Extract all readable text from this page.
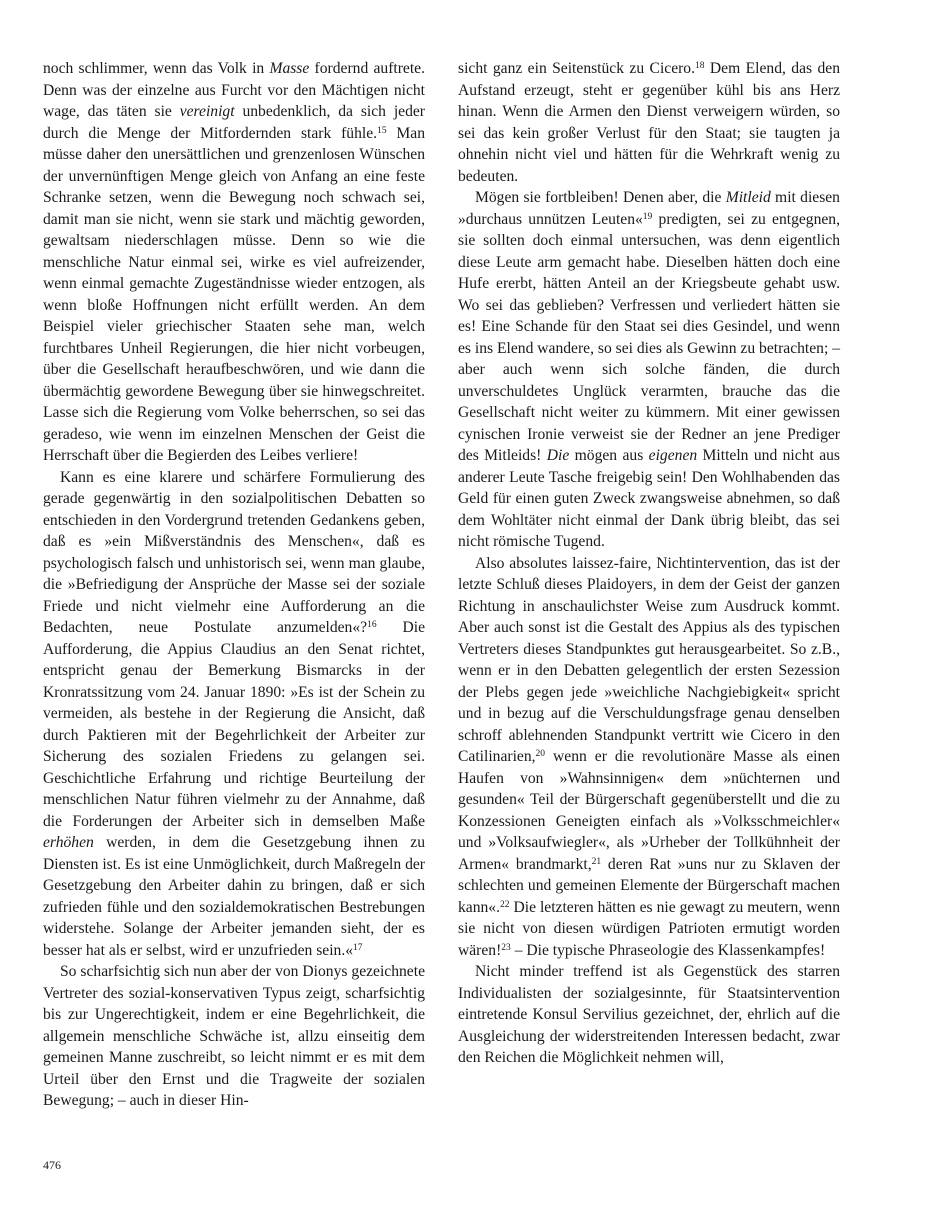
noch schlimmer, wenn das Volk in Masse fordernd auftrete. Denn was der einzelne aus Furcht vor den Mächtigen nicht wage, das täten sie vereinigt unbedenklich, da sich jeder durch die Menge der Mitfordernden stark fühle.$^{15}$ Man müsse daher den unersättlichen und grenzenlosen Wünschen der unvernünftigen Menge gleich von Anfang an eine feste Schranke setzen, wenn die Bewegung noch schwach sei, damit man sie nicht, wenn sie stark und mächtig geworden, gewaltsam niederschlagen müsse. Denn so wie die menschliche Natur einmal sei, wirke es viel aufreizender, wenn einmal gemachte Zugeständnisse wieder entzogen, als wenn bloße Hoffnungen nicht erfüllt werden. An dem Beispiel vieler griechischer Staaten sehe man, welch furchtbares Unheil Regierungen, die hier nicht vorbeugen, über die Gesellschaft heraufbeschwören, und wie dann die übermächtig gewordene Bewegung über sie hinwegschreitet. Lasse sich die Regierung vom Volke beherrschen, so sei das geradeso, wie wenn im einzelnen Menschen der Geist die Herrschaft über die Begierden des Leibes verliere!

Kann es eine klarere und schärfere Formulierung des gerade gegenwärtig in den sozialpolitischen Debatten so entschieden in den Vordergrund tretenden Gedankens geben, daß es »ein Mißverständnis des Menschen«, daß es psychologisch falsch und unhistorisch sei, wenn man glaube, die »Befriedigung der Ansprüche der Masse sei der soziale Friede und nicht vielmehr eine Aufforderung an die Bedachten, neue Postulate anzumelden«?$^{16}$ Die Aufforderung, die Appius Claudius an den Senat richtet, entspricht genau der Bemerkung Bismarcks in der Kronratssitzung vom 24. Januar 1890: »Es ist der Schein zu vermeiden, als bestehe in der Regierung die Ansicht, daß durch Paktieren mit der Begehrlichkeit der Arbeiter zur Sicherung des sozialen Friedens zu gelangen sei. Geschichtliche Erfahrung und richtige Beurteilung der menschlichen Natur führen vielmehr zu der Annahme, daß die Forderungen der Arbeiter sich in demselben Maße erhöhen werden, in dem die Gesetzgebung ihnen zu Diensten ist. Es ist eine Unmöglichkeit, durch Maßregeln der Gesetzgebung den Arbeiter dahin zu bringen, daß er sich zufrieden fühle und den sozialdemokratischen Bestrebungen widerstehe. Solange der Arbeiter jemanden sieht, der es besser hat als er selbst, wird er unzufrieden sein.«$^{17}$

So scharfsichtig sich nun aber der von Dionys gezeichnete Vertreter des sozial-konservativen Typus zeigt, scharfsichtig bis zur Ungerechtigkeit, indem er eine Begehrlichkeit, die allgemein menschliche Schwäche ist, allzu einseitig dem gemeinen Manne zuschreibt, so leicht nimmt er es mit dem Urteil über den Ernst und die Tragweite der sozialen Bewegung; – auch in dieser Hin-

sicht ganz ein Seitenstück zu Cicero.$^{18}$ Dem Elend, das den Aufstand erzeugt, steht er gegenüber kühl bis ans Herz hinan. Wenn die Armen den Dienst verweigern würden, so sei das kein großer Verlust für den Staat; sie taugten ja ohnehin nicht viel und hätten für die Wehrkraft wenig zu bedeuten.

Mögen sie fortbleiben! Denen aber, die Mitleid mit diesen »durchaus unnützen Leuten«$^{19}$ predigten, sei zu entgegnen, sie sollten doch einmal untersuchen, was denn eigentlich diese Leute arm gemacht habe. Dieselben hätten doch eine Hufe ererbt, hätten Anteil an der Kriegsbeute gehabt usw. Wo sei das geblieben? Verfressen und verliedert hätten sie es! Eine Schande für den Staat sei dies Gesindel, und wenn es ins Elend wandere, so sei dies als Gewinn zu betrachten; – aber auch wenn sich solche fänden, die durch unverschuldetes Unglück verarmten, brauche das die Gesellschaft nicht weiter zu kümmern. Mit einer gewissen cynischen Ironie verweist sie der Redner an jene Prediger des Mitleids! Die mögen aus eigenen Mitteln und nicht aus anderer Leute Tasche freigebig sein! Den Wohlhabenden das Geld für einen guten Zweck zwangsweise abnehmen, so daß dem Wohltäter nicht einmal der Dank übrig bleibt, das sei nicht römische Tugend.

Also absolutes laissez-faire, Nichtintervention, das ist der letzte Schluß dieses Plaidoyers, in dem der Geist der ganzen Richtung in anschaulichster Weise zum Ausdruck kommt. Aber auch sonst ist die Gestalt des Appius als des typischen Vertreters dieses Standpunktes gut herausgearbeitet. So z.B., wenn er in den Debatten gelegentlich der ersten Sezession der Plebs gegen jede »weichliche Nachgiebigkeit« spricht und in bezug auf die Verschuldungsfrage genau denselben schroff ablehnenden Standpunkt vertritt wie Cicero in den Catilinarien,$^{20}$ wenn er die revolutionäre Masse als einen Haufen von »Wahnsinnigen« dem »nüchternen und gesunden« Teil der Bürgerschaft gegenüberstellt und die zu Konzessionen Geneigten einfach als »Volksschmeichler« und »Volksaufwiegler«, als »Urheber der Tollkühnheit der Armen« brandmarkt,$^{21}$ deren Rat »uns nur zu Sklaven der schlechten und gemeinen Elemente der Bürgerschaft machen kann«.$^{22}$ Die letzteren hätten es nie gewagt zu meutern, wenn sie nicht von diesen würdigen Patrioten ermutigt worden wären!$^{23}$ – Die typische Phraseologie des Klassenkampfes!

Nicht minder treffend ist als Gegenstück des starren Individualisten der sozialgesinnte, für Staatsintervention eintretende Konsul Servilius gezeichnet, der, ehrlich auf die Ausgleichung der widerstreitenden Interessen bedacht, zwar den Reichen die Möglichkeit nehmen will,

476
